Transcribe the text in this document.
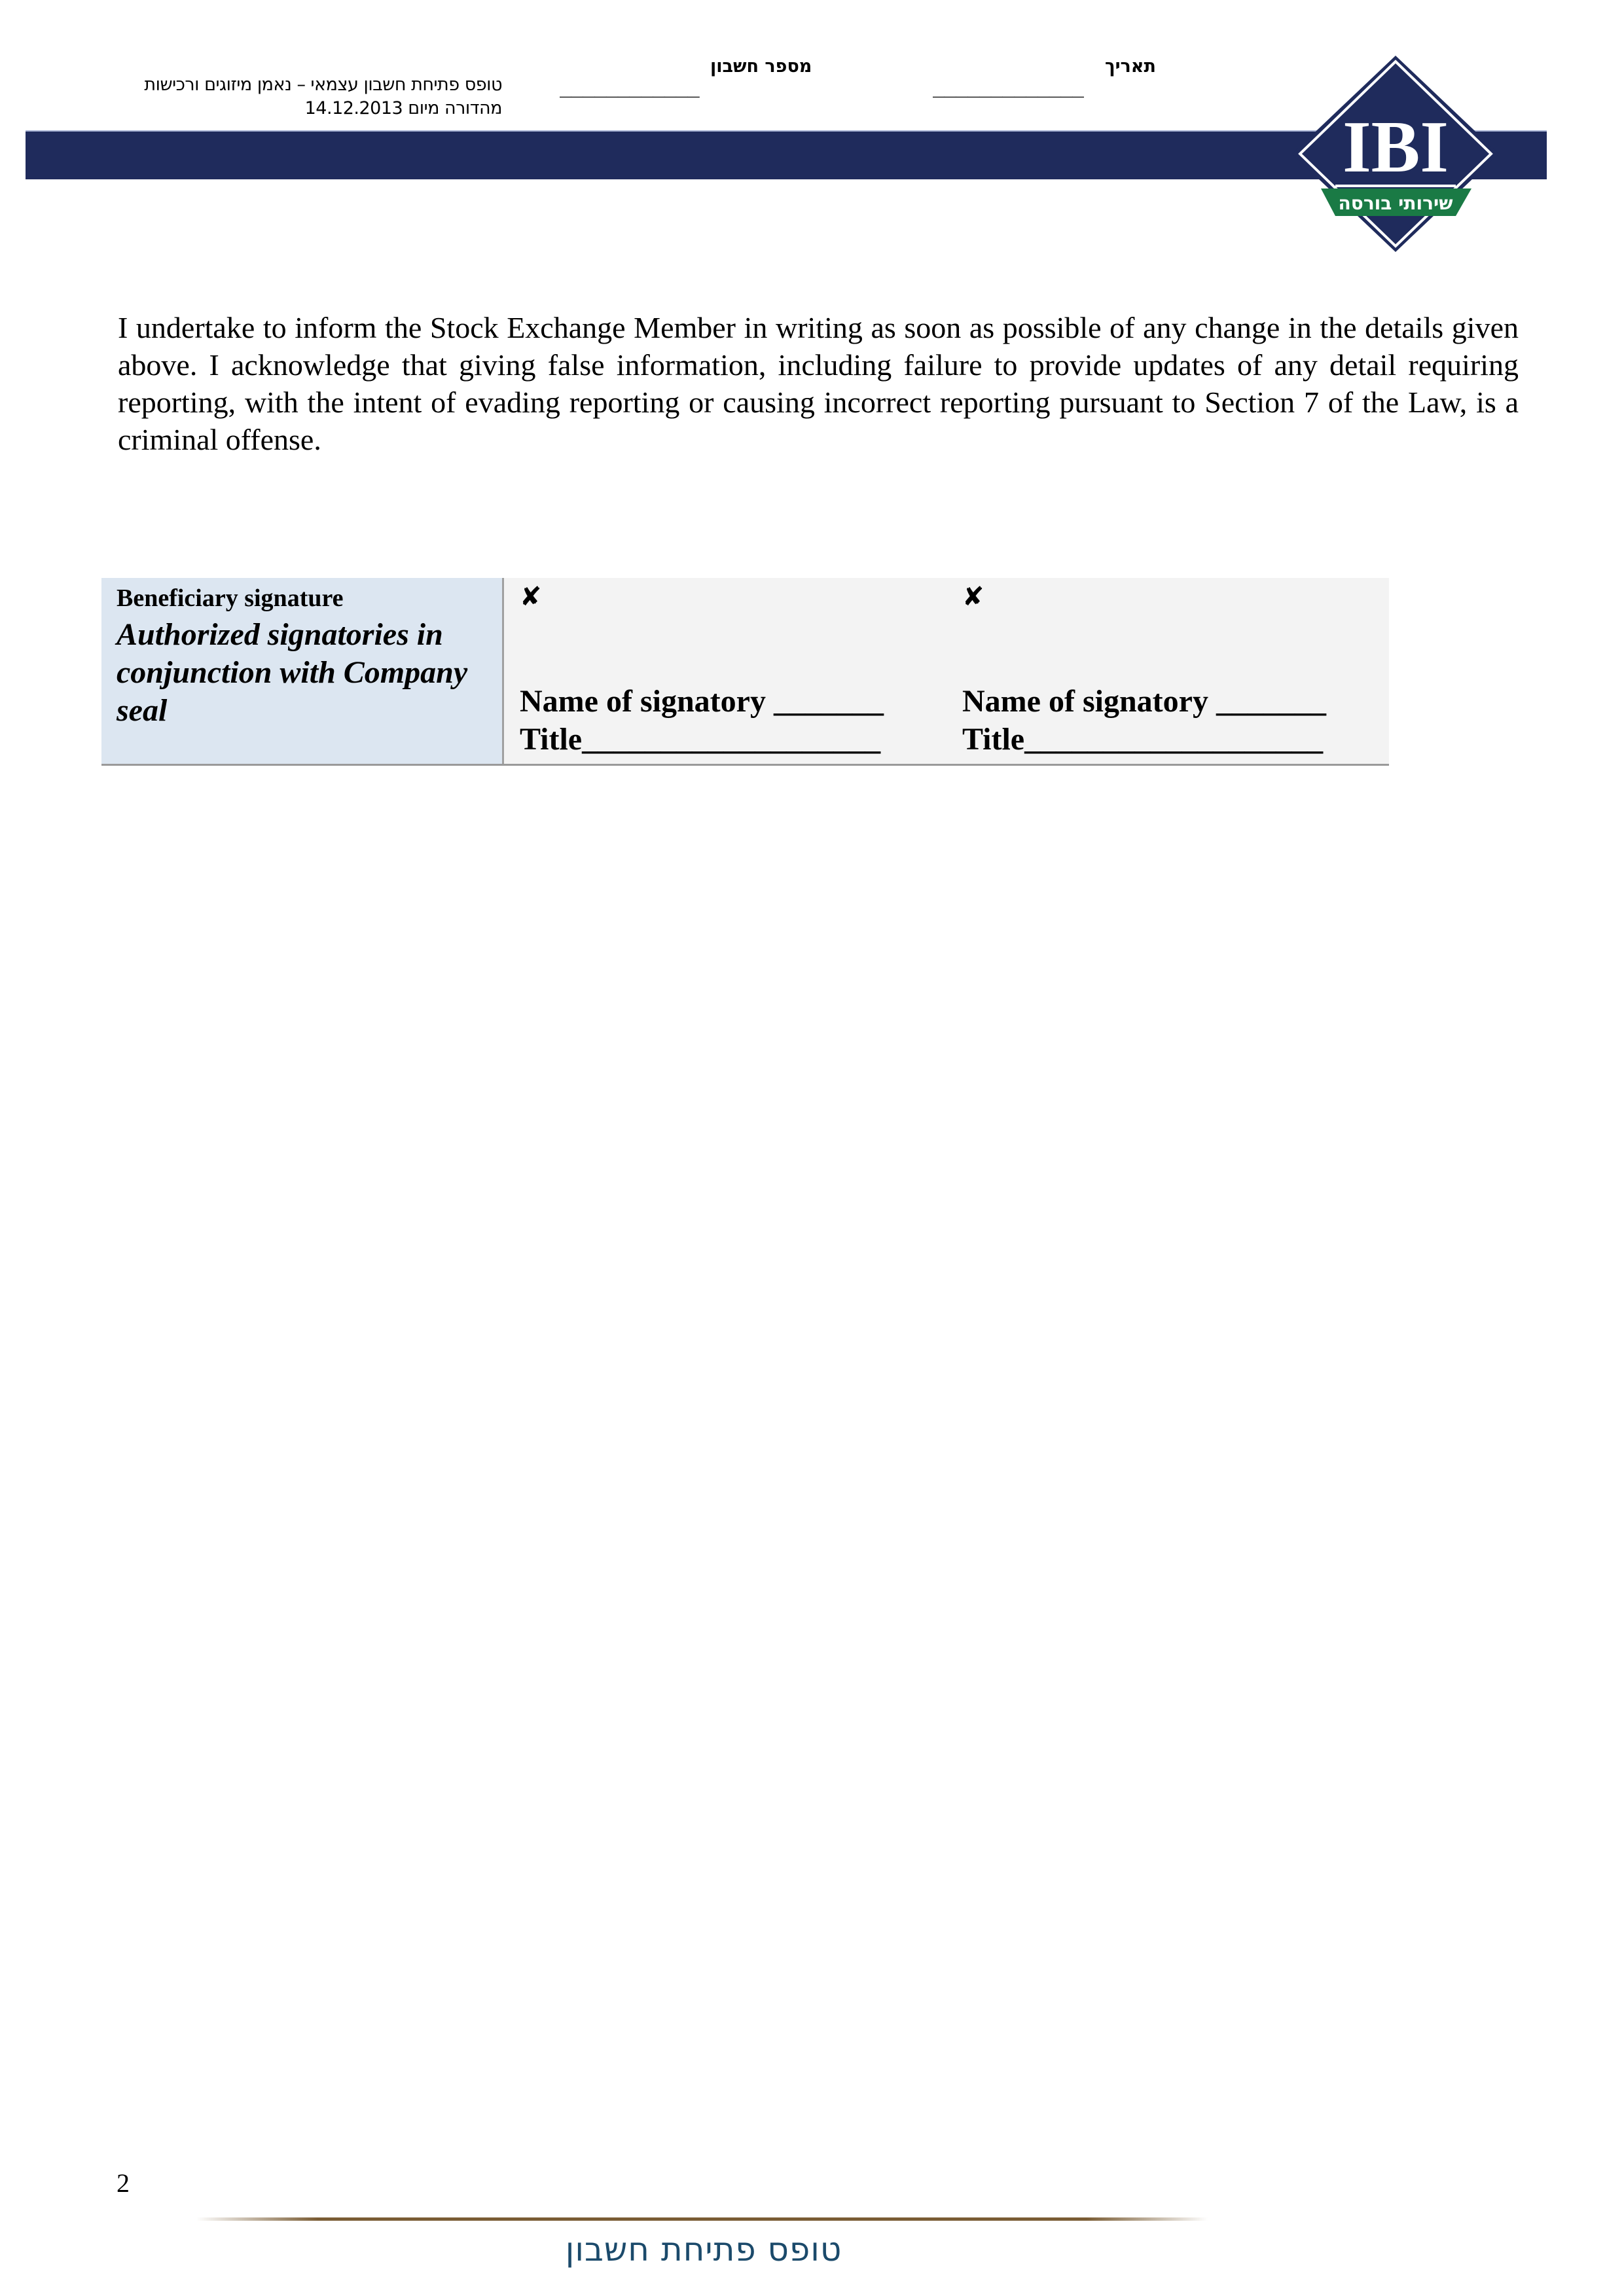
טופס פתיחת חשבון עצמאי – נאמן מיזוגים ורכישות
מהדורה מיום 14.12.2013
מספר חשבון
____________
תאריך
_____________
IBI
שירותי בורסה
I undertake to inform the Stock Exchange Member in writing as soon as possible of any change in the details given above. I acknowledge that giving false information, including failure to provide updates of any detail requiring reporting, with the intent of evading reporting or causing incorrect reporting pursuant to Section 7 of the Law, is a criminal offense.
Beneficiary signature
Authorized signatories in conjunction with Company seal
✘
Name of signatory _______
Title___________________
✘
Name of signatory _______
Title___________________
2
טופס פתיחת חשבון
